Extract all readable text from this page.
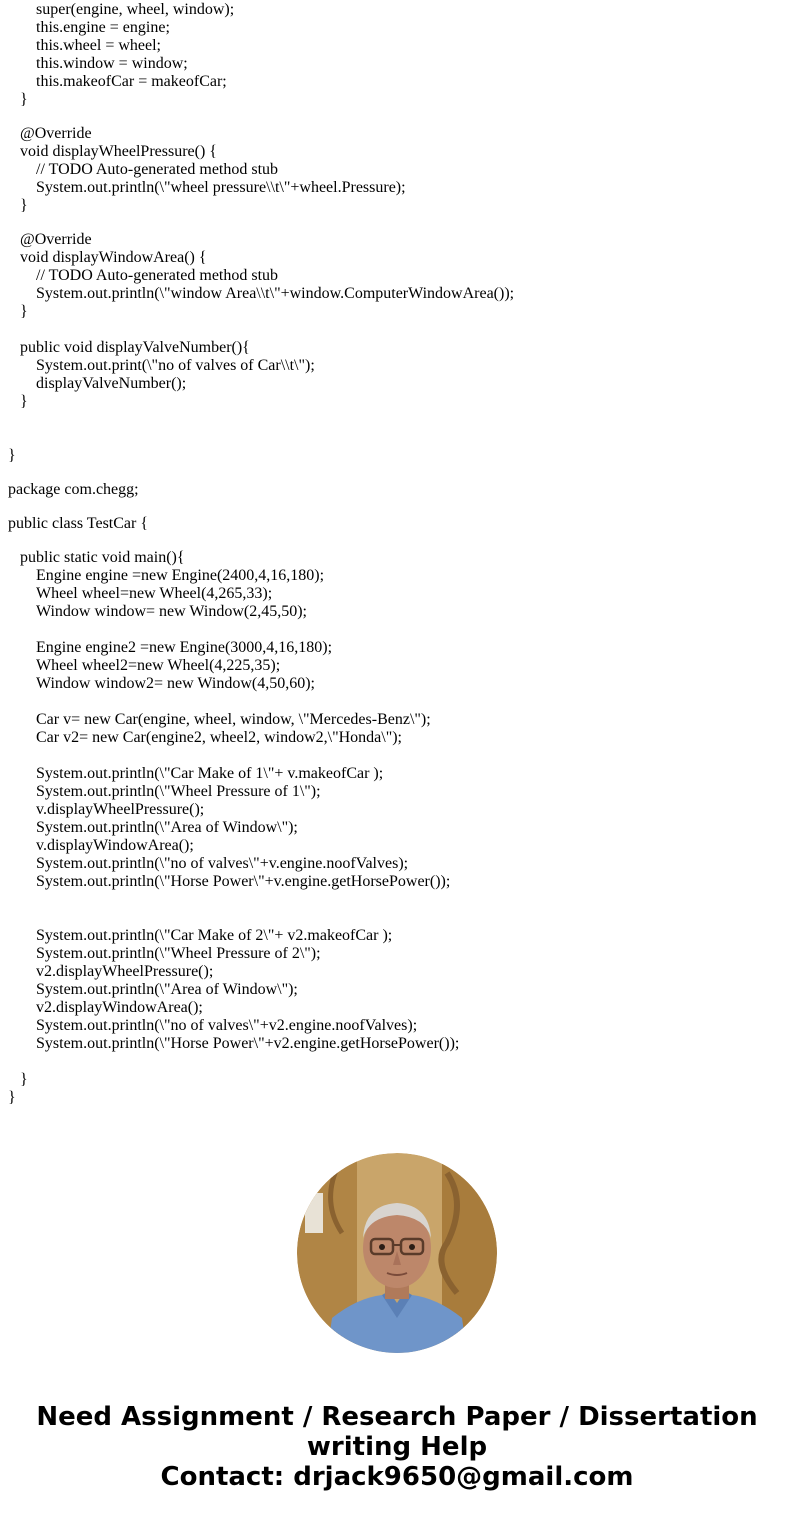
super(engine, wheel, window);
this.engine = engine;
this.wheel = wheel;
this.window = window;
this.makeofCar = makeofCar;
}
@Override
void displayWheelPressure() {
// TODO Auto-generated method stub
System.out.println(\"wheel pressure\\t\"+wheel.Pressure);
}
@Override
void displayWindowArea() {
// TODO Auto-generated method stub
System.out.println(\"window Area\\t\"+window.ComputerWindowArea());
}
public void displayValveNumber(){
System.out.print(\"no of valves of Car\\t\");
displayValveNumber();
}
}
package com.chegg;
public class TestCar {
public static void main(){
Engine engine =new Engine(2400,4,16,180);
Wheel wheel=new Wheel(4,265,33);
Window window= new Window(2,45,50);
Engine engine2 =new Engine(3000,4,16,180);
Wheel wheel2=new Wheel(4,225,35);
Window window2= new Window(4,50,60);
Car v= new Car(engine, wheel, window, \"Mercedes-Benz\");
Car v2= new Car(engine2, wheel2, window2,\"Honda\");
System.out.println(\"Car Make of 1\"+ v.makeofCar );
System.out.println(\"Wheel Pressure of 1\");
v.displayWheelPressure();
System.out.println(\"Area of Window\");
v.displayWindowArea();
System.out.println(\"no of valves\"+v.engine.noofValves);
System.out.println(\"Horse Power\"+v.engine.getHorsePower());
System.out.println(\"Car Make of 2\"+ v2.makeofCar );
System.out.println(\"Wheel Pressure of 2\");
v2.displayWheelPressure();
System.out.println(\"Area of Window\");
v2.displayWindowArea();
System.out.println(\"no of valves\"+v2.engine.noofValves);
System.out.println(\"Horse Power\"+v2.engine.getHorsePower());
}
}
Need Assignment / Research Paper / Dissertation
writing Help
Contact: drjack9650@gmail.com
